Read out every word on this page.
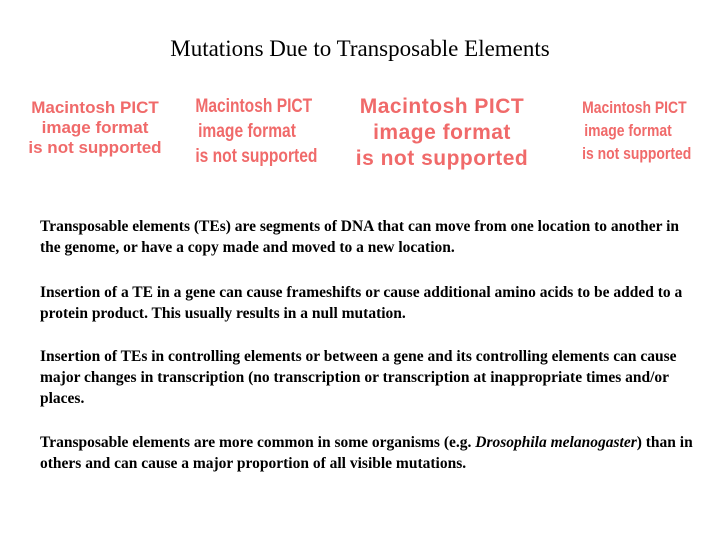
Mutations Due to Transposable Elements
Macintosh PICT
image format
is not supported
Macintosh PICT
image format
is not supported
Macintosh PICT
image format
is not supported
Macintosh PICT
image format
is not supported

Transposable elements (TEs) are segments of DNA that can move from one location to another in the genome, or have a copy made and moved to a new location.

Insertion of a TE in a gene can cause frameshifts or cause additional amino acids to be added to a protein product. This usually results in a null mutation.

Insertion of TEs in controlling elements or between a gene and its controlling elements can cause major changes in transcription (no transcription or transcription at inappropriate times and/or places.

Transposable elements are more common in some organisms (e.g. Drosophila melanogaster) than in others and can cause a major proportion of all visible mutations.
